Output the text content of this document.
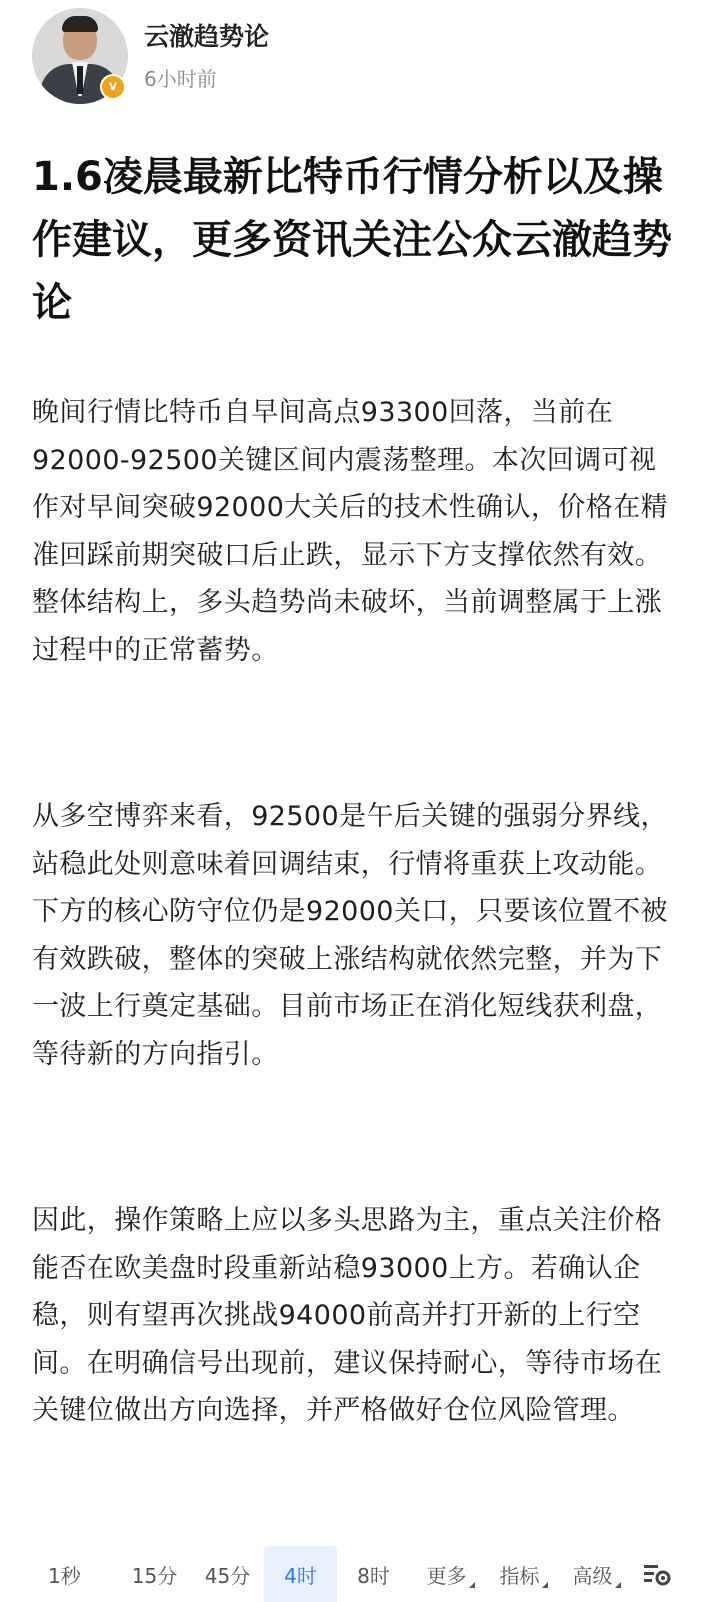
v
云澈趋势论
6小时前
1.6凌晨最新比特币行情分析以及操作建议，更多资讯关注公众云澈趋势论

晚间行情比特币自早间高点93300回落，当前在92000-92500关键区间内震荡整理。本次回调可视作对早间突破92000大关后的技术性确认，价格在精准回踩前期突破口后止跌，显示下方支撑依然有效。整体结构上，多头趋势尚未破坏，当前调整属于上涨过程中的正常蓄势。

从多空博弈来看，92500是午后关键的强弱分界线，站稳此处则意味着回调结束，行情将重获上攻动能。下方的核心防守位仍是92000关口，只要该位置不被有效跌破，整体的突破上涨结构就依然完整，并为下一波上行奠定基础。目前市场正在消化短线获利盘，等待新的方向指引。

因此，操作策略上应以多头思路为主，重点关注价格能否在欧美盘时段重新站稳93000上方。若确认企稳，则有望再次挑战94000前高并打开新的上行空间。在明确信号出现前，建议保持耐心，等待市场在关键位做出方向选择，并严格做好仓位风险管理。

1秒	15分	45分	4时	8时	更多 指标 高级
